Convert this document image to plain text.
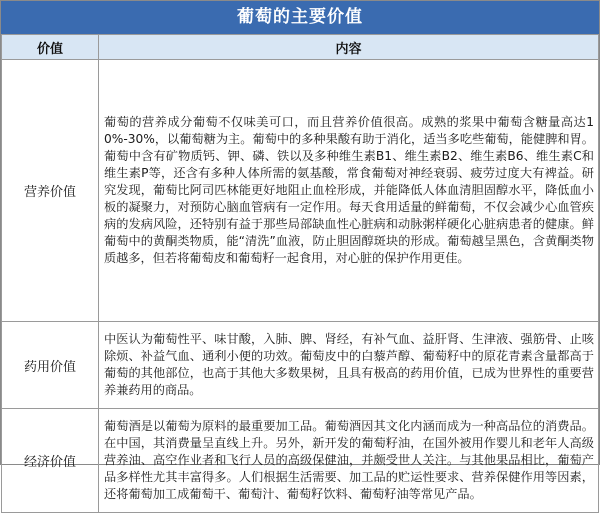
葡萄的主要价值
价值	内容
营养价值	葡萄的营养成分葡萄不仅味美可口，而且营养价值很高。成熟的浆果中葡萄含糖量高达10%-30%，以葡萄糖为主。葡萄中的多种果酸有助于消化，适当多吃些葡萄，能健脾和胃。葡萄中含有矿物质钙、钾、磷、铁以及多种维生素B1、维生素B2、维生素B6、维生素C和维生素P等，还含有多种人体所需的氨基酸，常食葡萄对神经衰弱、疲劳过度大有裨益。研究发现，葡萄比阿司匹林能更好地阻止血栓形成，并能降低人体血清胆固醇水平，降低血小板的凝聚力，对预防心脑血管病有一定作用。每天食用适量的鲜葡萄，不仅会减少心血管疾病的发病风险，还特别有益于那些局部缺血性心脏病和动脉粥样硬化心脏病患者的健康。鲜葡萄中的黄酮类物质，能“清洗”血液，防止胆固醇斑块的形成。葡萄越呈黑色，含黄酮类物质越多，但若将葡萄皮和葡萄籽一起食用，对心脏的保护作用更佳。
药用价值	中医认为葡萄性平、味甘酸，入肺、脾、肾经，有补气血、益肝肾、生津液、强筋骨、止咳除烦、补益气血、通利小便的功效。葡萄皮中的白藜芦醇、葡萄籽中的原花青素含量都高于葡萄的其他部位，也高于其他大多数果树，且具有极高的药用价值，已成为世界性的重要营养兼药用的商品。
经济价值	葡萄酒是以葡萄为原料的最重要加工品。葡萄酒因其文化内涵而成为一种高品位的消费品。在中国，其消费量呈直线上升。另外，新开发的葡萄籽油，在国外被用作婴儿和老年人高级营养油、高空作业者和飞行人员的高级保健油，并颇受世人关注。与其他果品相比，葡萄产品多样性尤其丰富得多。人们根据生活需要、加工品的贮运性要求、营养保健作用等因素，还将葡萄加工成葡萄干、葡萄汁、葡萄籽饮料、葡萄籽油等常见产品。
